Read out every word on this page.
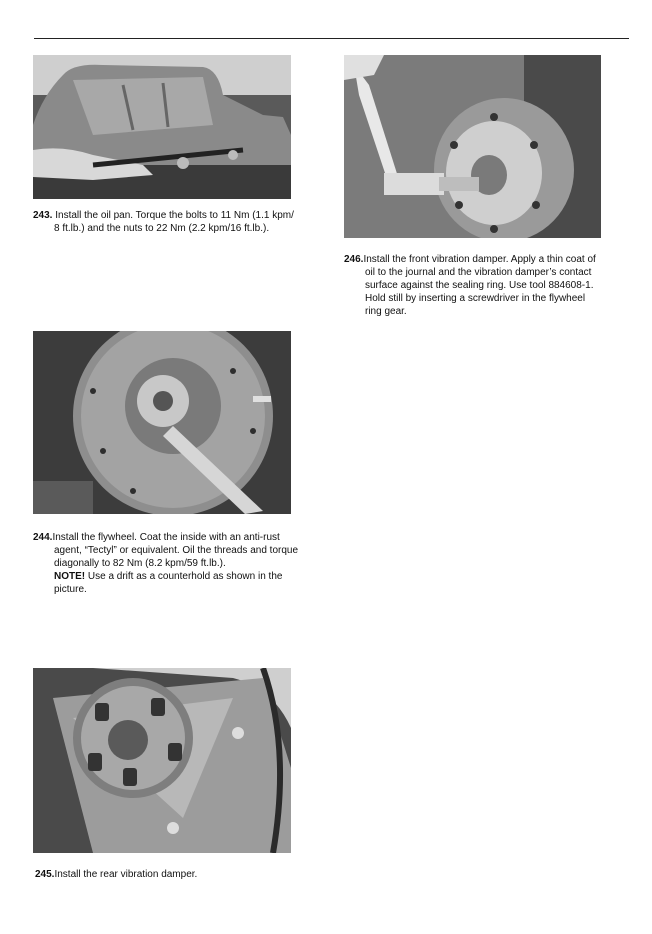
243. Install the oil pan. Torque the bolts to 11 Nm (1.1 kpm/
8 ft.lb.) and the nuts to 22 Nm (2.2 kpm/16 ft.lb.).
246.Install the front vibration damper. Apply a thin coat of
oil to the journal and the vibration damper’s contact
surface against the sealing ring. Use tool 884608-1.
Hold still by inserting a screwdriver in the flywheel
ring gear.
244.Install the flywheel. Coat the inside with an anti-rust
agent, “Tectyl” or equivalent. Oil the threads and torque
diagonally to 82 Nm (8.2 kpm/59 ft.lb.).
NOTE! Use a drift as a counterhold as shown in the
picture.
245.Install the rear vibration damper.
